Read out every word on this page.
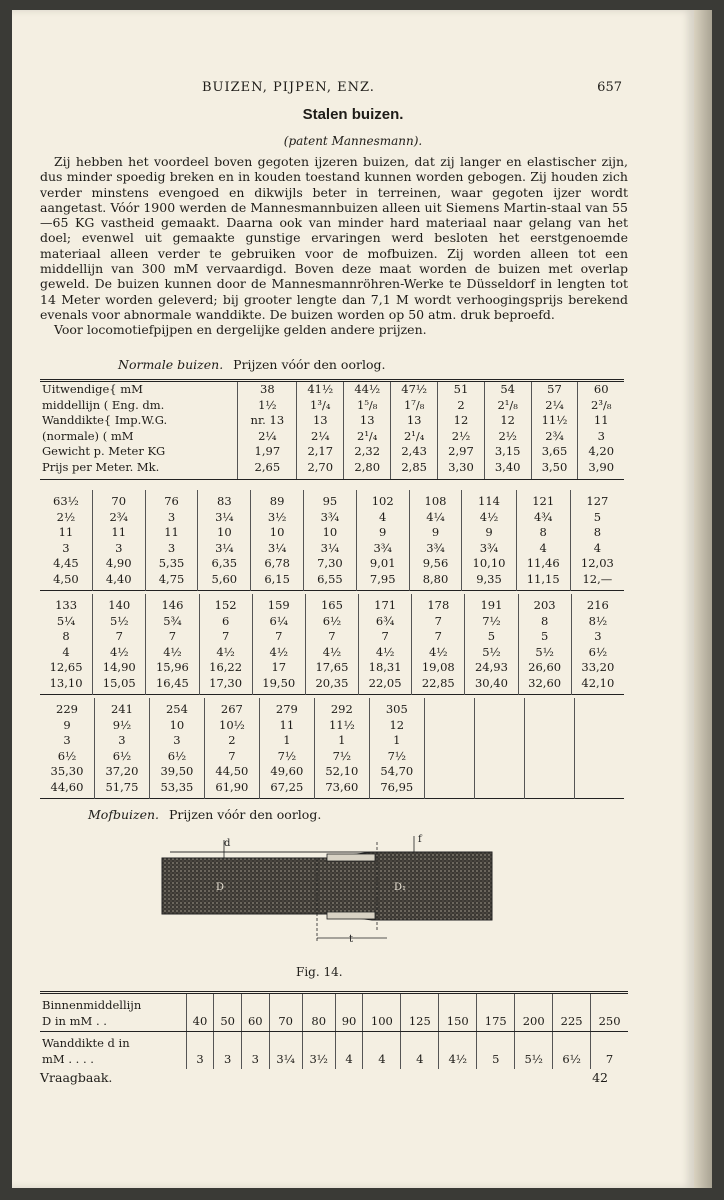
BUIZEN, PIJPEN, ENZ.	657
Stalen buizen.
(patent Mannesmann).

Zij hebben het voordeel boven gegoten ijzeren buizen, dat zij langer en elastischer zijn, dus minder spoedig breken en in kouden toestand kunnen worden gebogen. Zij houden zich verder minstens evengoed en dikwijls beter in terreinen, waar gegoten ijzer wordt aangetast. Vóór 1900 werden de Mannesmannbuizen alleen uit Siemens Martin-staal van 55—65 KG vastheid gemaakt. Daarna ook van minder hard materiaal naar gelang van het doel; evenwel uit gemaakte gunstige ervaringen werd besloten het eerstgenoemde materiaal alleen verder te gebruiken voor de mofbuizen. Zij worden alleen tot een middellijn van 300 mM vervaardigd. Boven deze maat worden de buizen met overlap geweld. De buizen kunnen door de Mannesmannröhren-Werke te Düsseldorf in lengten tot 14 Meter worden geleverd; bij grooter lengte dan 7,1 M wordt verhoogingsprijs berekend evenals voor abnormale wanddikte. De buizen worden op 50 atm. druk beproefd.

Voor locomotiefpijpen en dergelijke gelden andere prijzen.

Normale buizen. Prijzen vóór den oorlog.
Uitwendige{ mM	38	41½	44½	47½	51	54	57	60
middellijn ( Eng. dm.	1½	1³/₄	1⁵/₈	1⁷/₈	2	2¹/₈	2¼	2³/₈
Wanddikte{ Imp.W.G.	nr. 13	13	13	13	12	12	11½	11
(normale) ( mM	2¼	2¼	2¹/₄	2¹/₄	2½	2½	2¾	3
Gewicht p. Meter KG	1,97	2,17	2,32	2,43	2,97	3,15	3,65	4,20
Prijs per Meter. Mk.	2,65	2,70	2,80	2,85	3,30	3,40	3,50	3,90
63½	70	76	83	89	95	102	108	114	121	127
2½	2¾	3	3¼	3½	3¾	4	4¼	4½	4¾	5
11	11	11	10	10	10	9	9	9	8	8
3	3	3	3¼	3¼	3¼	3¾	3¾	3¾	4	4
4,45	4,90	5,35	6,35	6,78	7,30	9,01	9,56	10,10	11,46	12,03
4,50	4,40	4,75	5,60	6,15	6,55	7,95	8,80	9,35	11,15	12,—
133	140	146	152	159	165	171	178	191	203	216
5¼	5½	5¾	6	6¼	6½	6¾	7	7½	8	8½
8	7	7	7	7	7	7	7	5	5	3
4	4½	4½	4½	4½	4½	4½	4½	5½	5½	6½
12,65	14,90	15,96	16,22	17	17,65	18,31	19,08	24,93	26,60	33,20
13,10	15,05	16,45	17,30	19,50	20,35	22,05	22,85	30,40	32,60	42,10
229	241	254	267	279	292	305				
9	9½	10	10½	11	11½	12				
3	3	3	2	1	1	1				
6½	6½	6½	7	7½	7½	7½				
35,30	37,20	39,50	44,50	49,60	52,10	54,70				
44,60	51,75	53,35	61,90	67,25	73,60	76,95				
Mofbuizen. Prijzen vóór den oorlog.
d	f
D	D₁
t
Fig. 14.
Binnenmiddellijn
D in mM . .	40	50	60	70	80	90	100	125	150	175	200	225	250

Wanddikte d in
mM . . . .	3	3	3	3¼	3½	4	4	4	4½	5	5½	6½	7
Vraagbaak.	42
